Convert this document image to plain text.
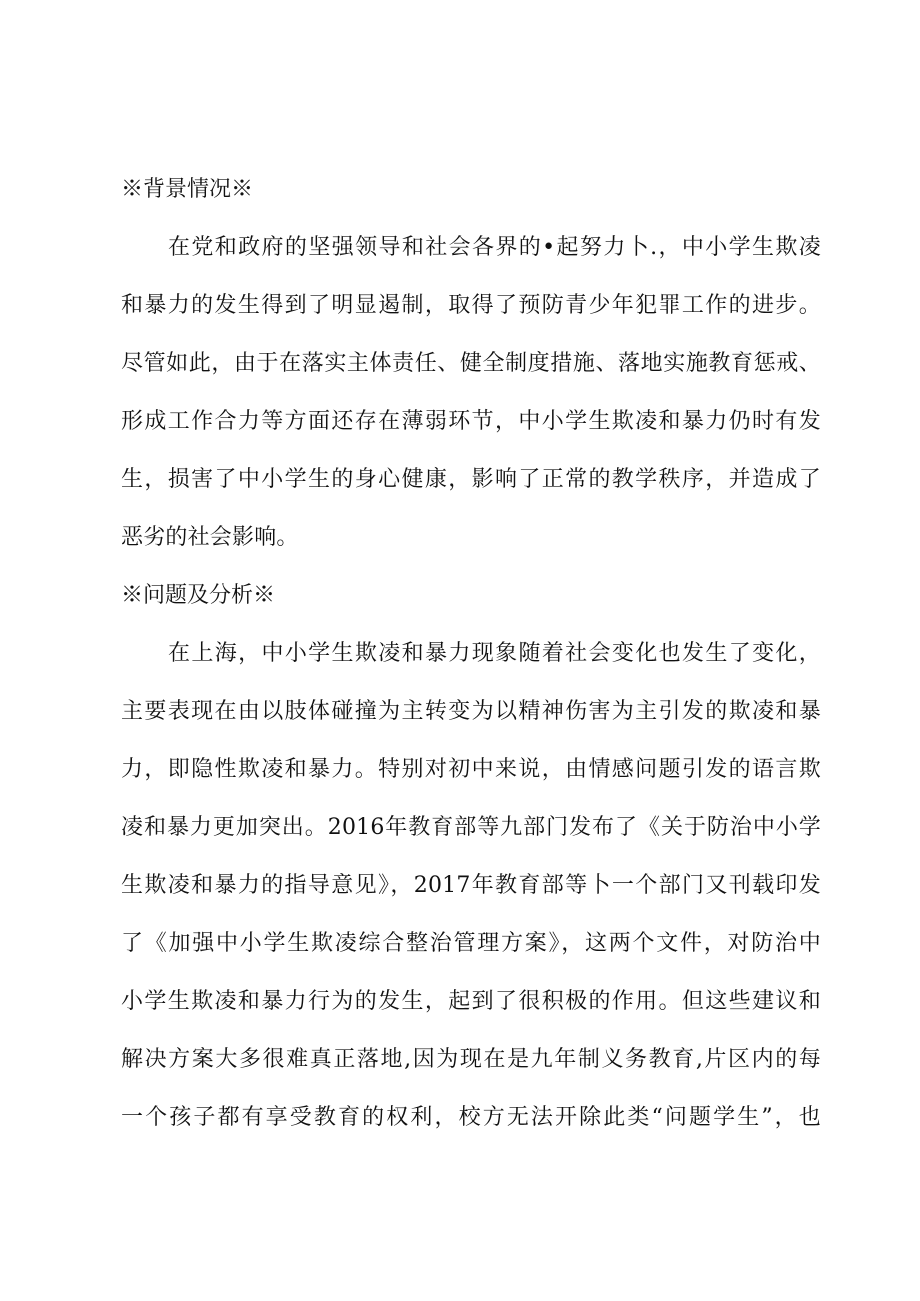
※背景情况※
在党和政府的坚强领导和社会各界的•起努力卜.，中小学生欺凌
和暴力的发生得到了明显遏制，取得了预防青少年犯罪工作的进步。
尽管如此，由于在落实主体责任、健全制度措施、落地实施教育惩戒、
形成工作合力等方面还存在薄弱环节，中小学生欺凌和暴力仍时有发
生，损害了中小学生的身心健康，影响了正常的教学秩序，并造成了
恶劣的社会影响。
※问题及分析※
在上海，中小学生欺凌和暴力现象随着社会变化也发生了变化，
主要表现在由以肢体碰撞为主转变为以精神伤害为主引发的欺凌和暴
力，即隐性欺凌和暴力。特别对初中来说，由情感问题引发的语言欺
凌和暴力更加突出。2016年教育部等九部门发布了《关于防治中小学
生欺凌和暴力的指导意见》，2017年教育部等卜一个部门又刊载印发
了《加强中小学生欺凌综合整治管理方案》，这两个文件，对防治中
小学生欺凌和暴力行为的发生，起到了很积极的作用。但这些建议和
解决方案大多很难真正落地,因为现在是九年制义务教育,片区内的每
一个孩子都有享受教育的权利，校方无法开除此类“问题学生”，也
